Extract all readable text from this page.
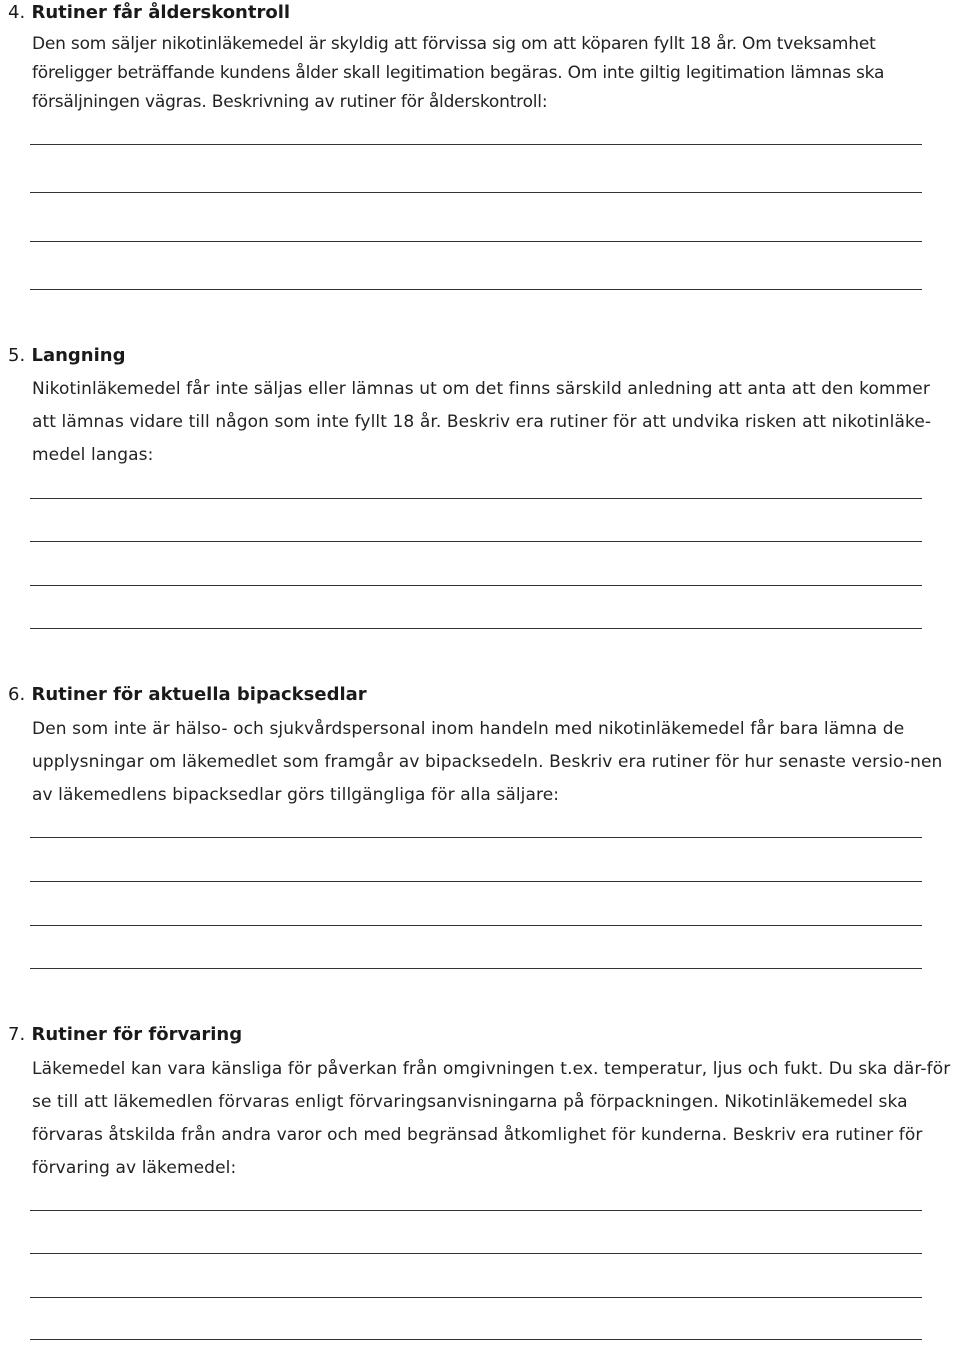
4. Rutiner får ålderskontroll

Den som säljer nikotinläkemedel är skyldig att förvissa sig om att köparen fyllt 18 år. Om tveksamhet föreligger beträffande kundens ålder skall legitimation begäras. Om inte giltig legitimation lämnas ska försäljningen vägras. Beskrivning av rutiner för ålderskontroll:

5. Langning

Nikotinläkemedel får inte säljas eller lämnas ut om det finns särskild anledning att anta att den kommer att lämnas vidare till någon som inte fyllt 18 år. Beskriv era rutiner för att undvika risken att nikotinläke-medel langas:

6. Rutiner för aktuella bipacksedlar

Den som inte är hälso- och sjukvårdspersonal inom handeln med nikotinläkemedel får bara lämna de upplysningar om läkemedlet som framgår av bipacksedeln. Beskriv era rutiner för hur senaste versio-nen av läkemedlens bipacksedlar görs tillgängliga för alla säljare:

7. Rutiner för förvaring

Läkemedel kan vara känsliga för påverkan från omgivningen t.ex. temperatur, ljus och fukt. Du ska där-för se till att läkemedlen förvaras enligt förvaringsanvisningarna på förpackningen. Nikotinläkemedel ska förvaras åtskilda från andra varor och med begränsad åtkomlighet för kunderna. Beskriv era rutiner för förvaring av läkemedel:
